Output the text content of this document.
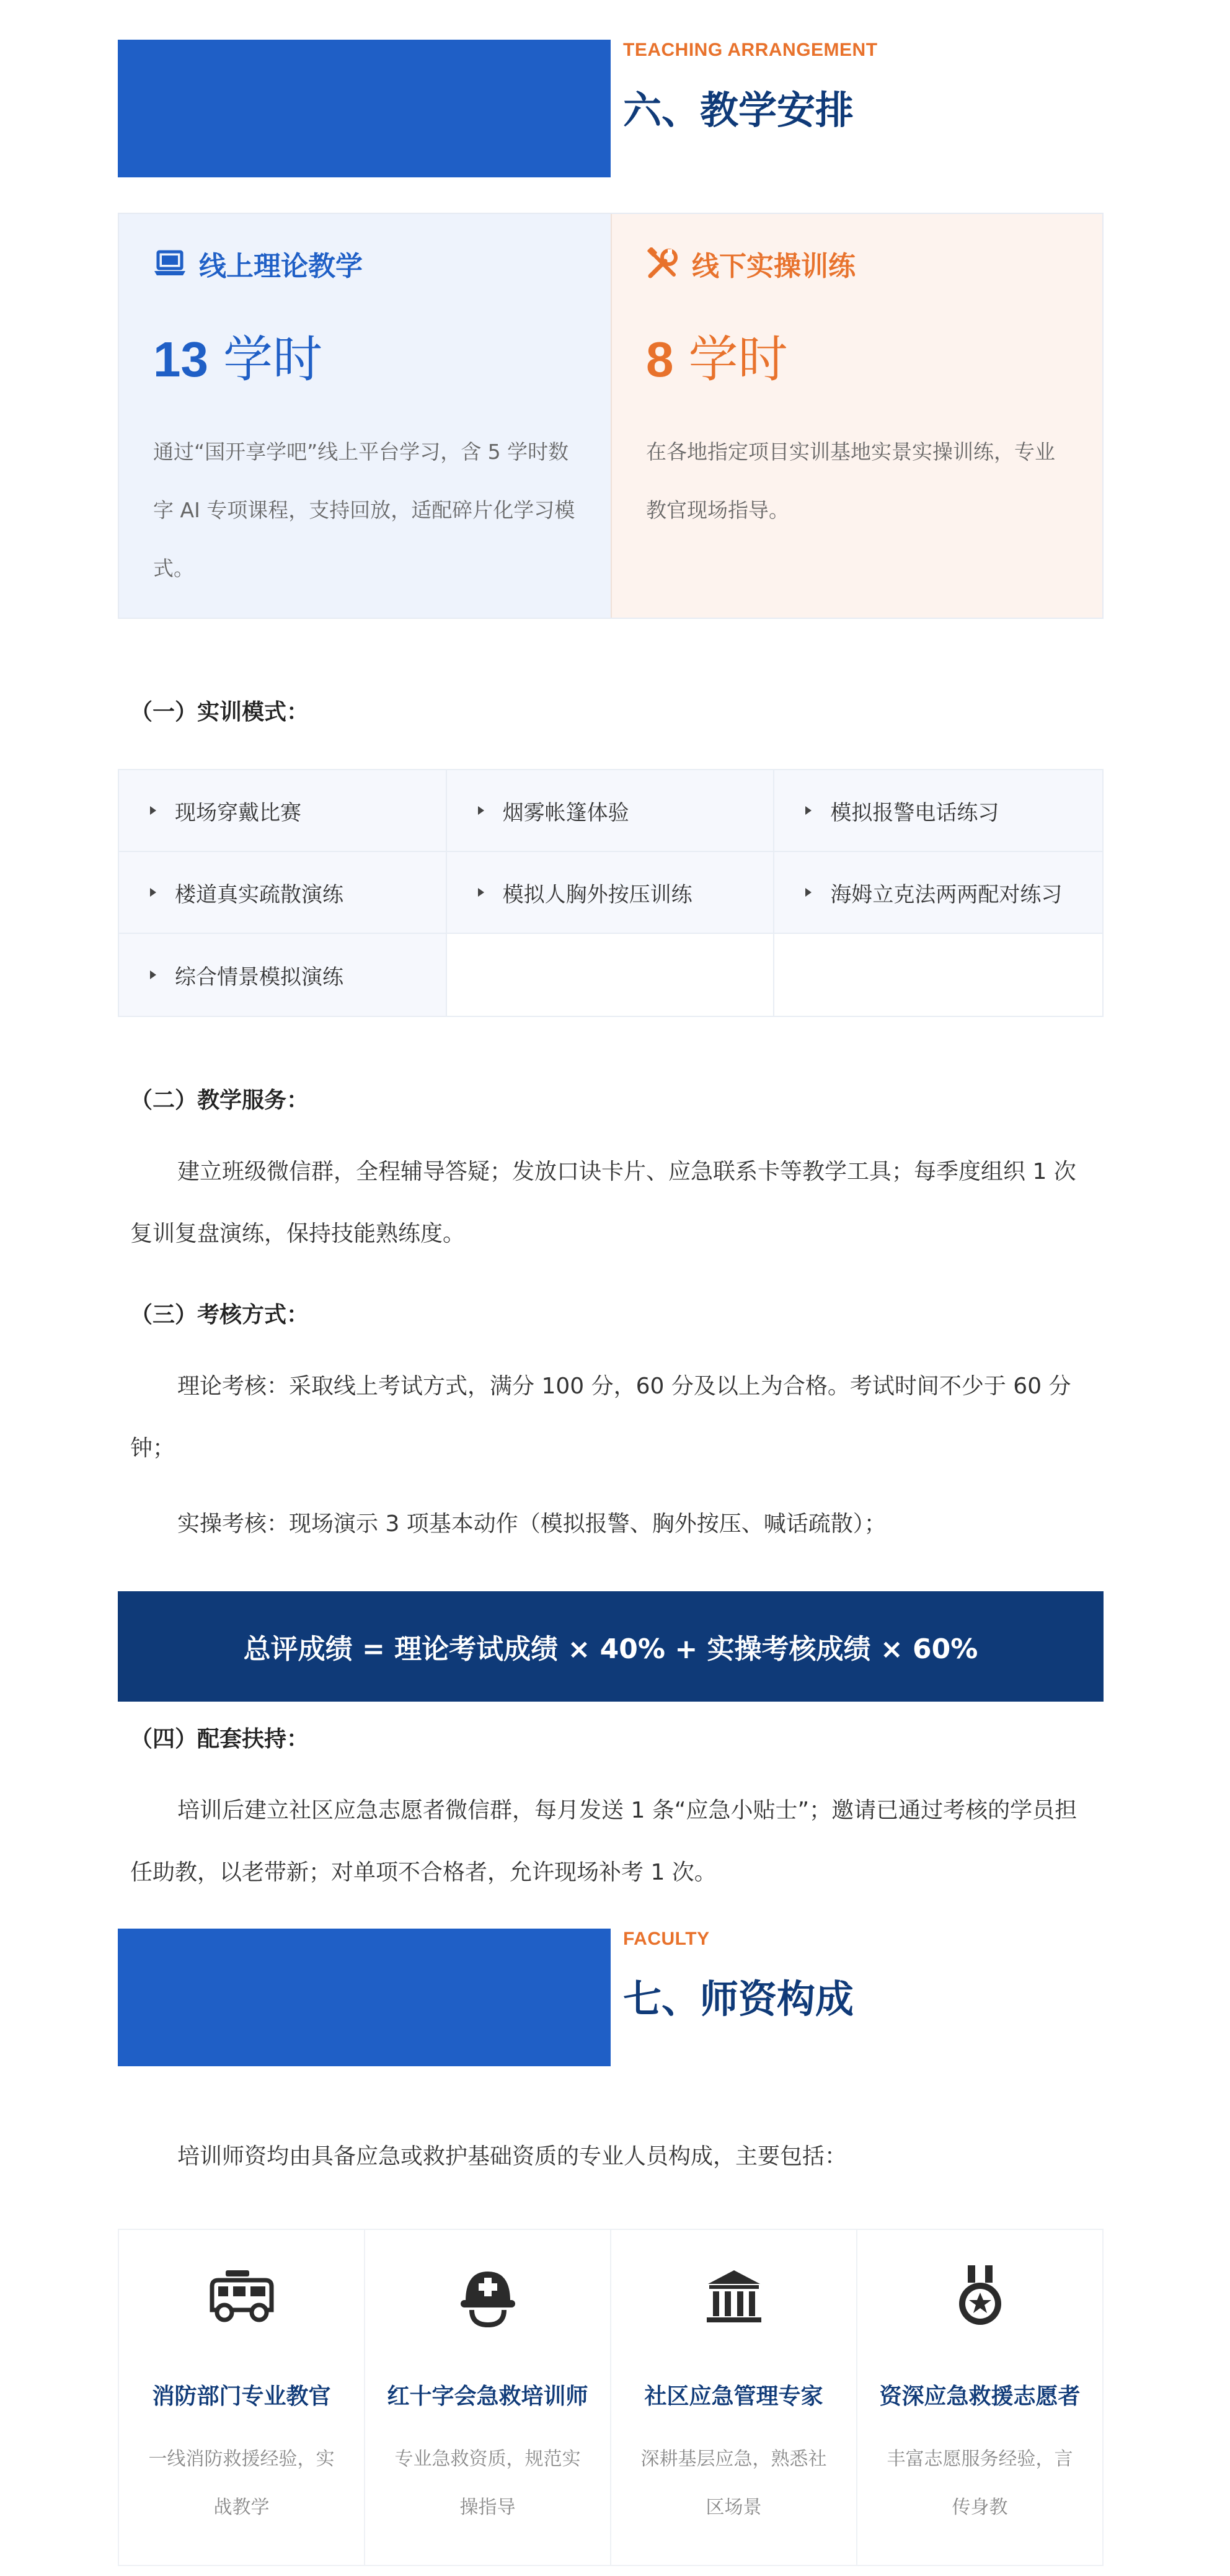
TEACHING ARRANGEMENT
六、教学安排
线上理论教学
13 学时
通过“国开享学吧”线上平台学习，含 5 学时数字 AI 专项课程，支持回放，适配碎片化学习模式。
线下实操训练
8 学时
在各地指定项目实训基地实景实操训练，专业教官现场指导。
（一）实训模式：
现场穿戴比赛	烟雾帐篷体验	模拟报警电话练习
楼道真实疏散演练	模拟人胸外按压训练	海姆立克法两两配对练习
综合情景模拟演练
（二）教学服务：
建立班级微信群，全程辅导答疑；发放口诀卡片、应急联系卡等教学工具；每季度组织 1 次复训复盘演练，保持技能熟练度。
（三）考核方式：
理论考核：采取线上考试方式，满分 100 分，60 分及以上为合格。考试时间不少于 60 分钟；
实操考核：现场演示 3 项基本动作（模拟报警、胸外按压、喊话疏散）；
总评成绩 = 理论考试成绩 × 40% + 实操考核成绩 × 60%
（四）配套扶持：
培训后建立社区应急志愿者微信群，每月发送 1 条“应急小贴士”；邀请已通过考核的学员担任助教，以老带新；对单项不合格者，允许现场补考 1 次。
FACULTY
七、师资构成
培训师资均由具备应急或救护基础资质的专业人员构成，主要包括：
消防部门专业教官
一线消防救援经验，实战教学
红十字会急救培训师
专业急救资质，规范实操指导
社区应急管理专家
深耕基层应急，熟悉社区场景
资深应急救援志愿者
丰富志愿服务经验，言传身教
